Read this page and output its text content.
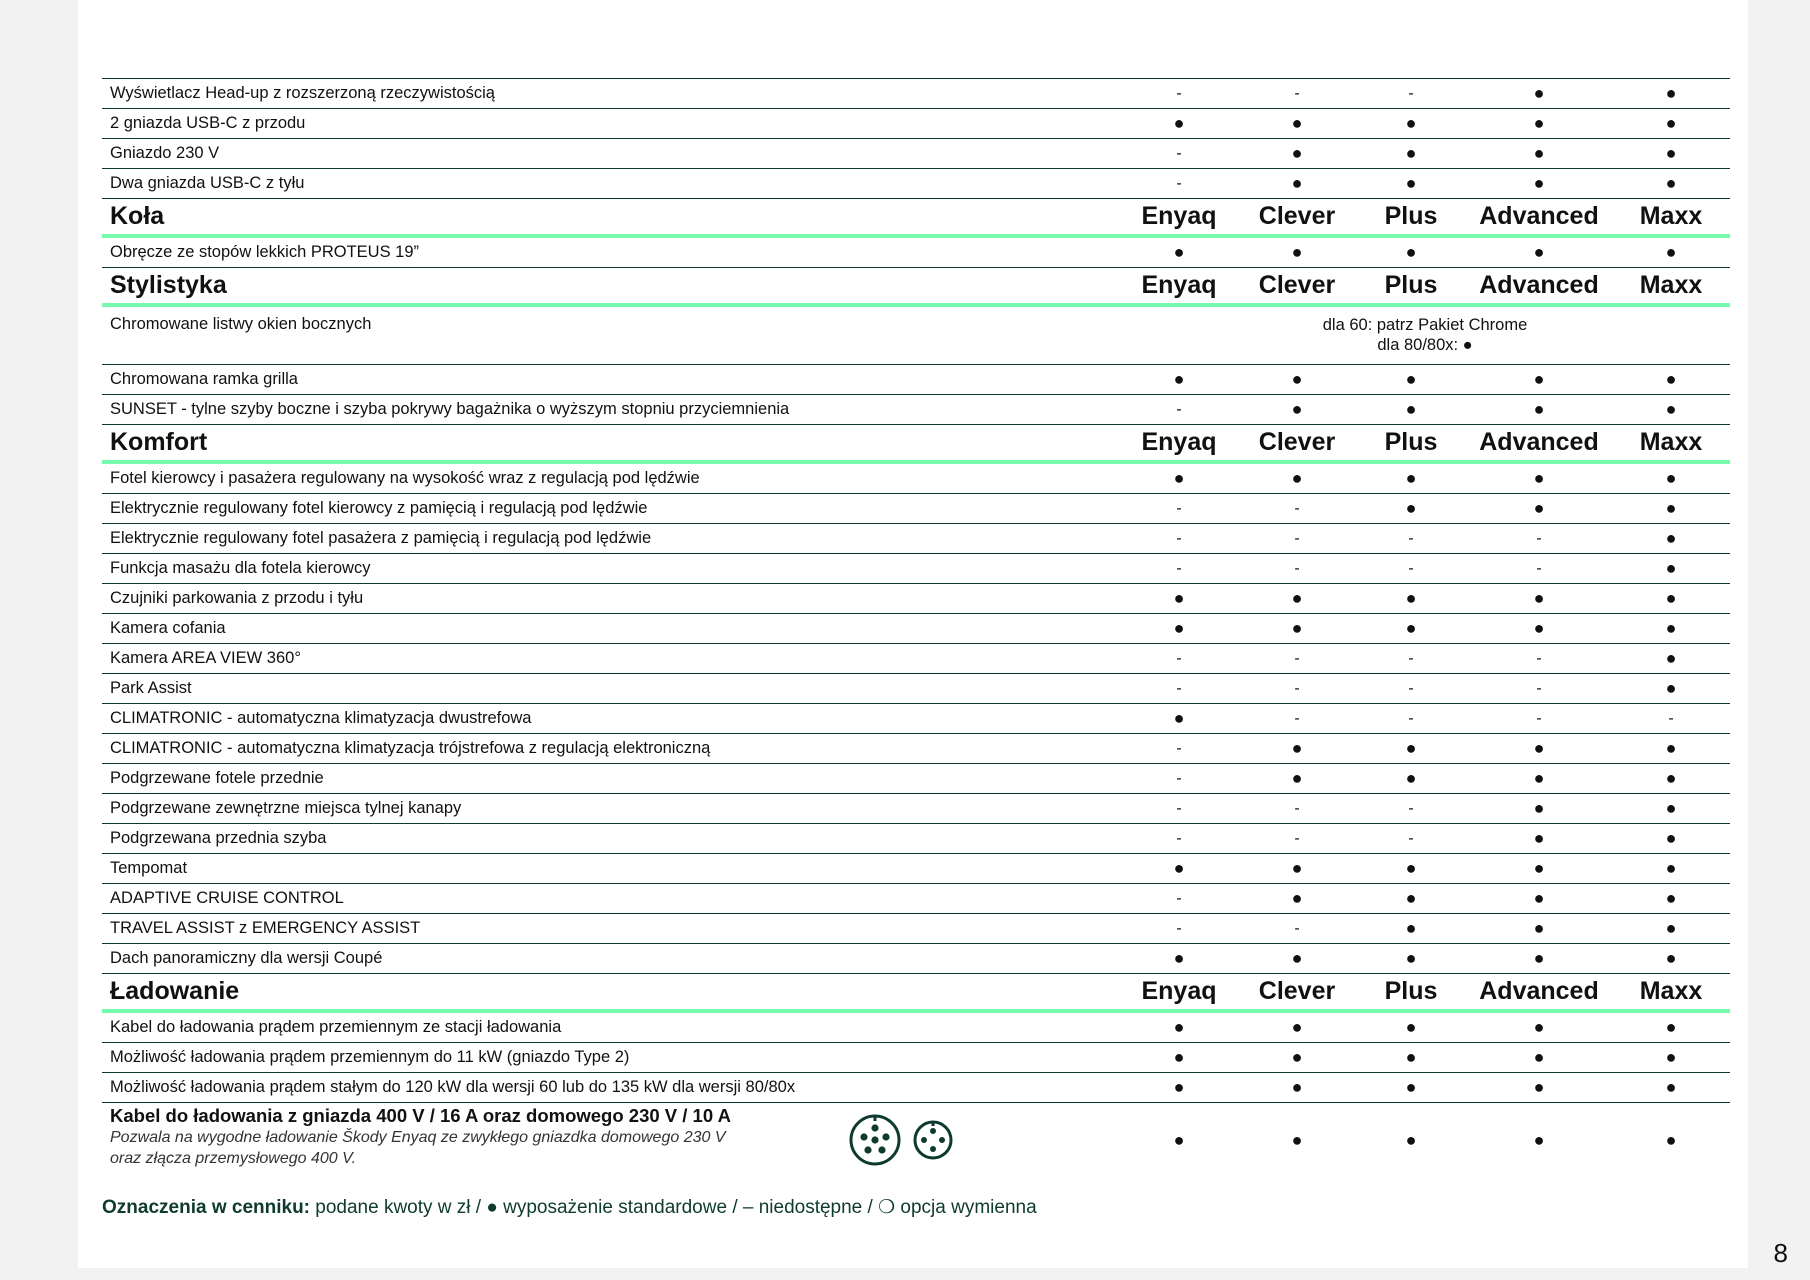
Wyświetlacz Head-up z rozszerzoną rzeczywistością	-	-	-	●	●
2 gniazda USB-C z przodu	●	●	●	●	●
Gniazdo 230 V	-	●	●	●	●
Dwa gniazda USB-C z tyłu	-	●	●	●	●
Koła	Enyaq	Clever	Plus	Advanced	Maxx
Obręcze ze stopów lekkich PROTEUS 19”	●	●	●	●	●
Stylistyka	Enyaq	Clever	Plus	Advanced	Maxx
Chromowane listwy okien bocznych	dla 60: patrz Pakiet Chrome
dla 80/80x: ●				

Chromowana ramka grilla	●	●	●	●	●
SUNSET - tylne szyby boczne i szyba pokrywy bagażnika o wyższym stopniu przyciemnienia	-	●	●	●	●
Komfort	Enyaq	Clever	Plus	Advanced	Maxx
Fotel kierowcy i pasażera regulowany na wysokość wraz z regulacją pod lędźwie	●	●	●	●	●
Elektrycznie regulowany fotel kierowcy z pamięcią i regulacją pod lędźwie	-	-	●	●	●
Elektrycznie regulowany fotel pasażera z pamięcią i regulacją pod lędźwie	-	-	-	-	●
Funkcja masażu dla fotela kierowcy	-	-	-	-	●
Czujniki parkowania z przodu i tyłu	●	●	●	●	●
Kamera cofania	●	●	●	●	●
Kamera AREA VIEW 360°	-	-	-	-	●
Park Assist	-	-	-	-	●
CLIMATRONIC - automatyczna klimatyzacja dwustrefowa	●	-	-	-	-
CLIMATRONIC - automatyczna klimatyzacja trójstrefowa z regulacją elektroniczną	-	●	●	●	●
Podgrzewane fotele przednie	-	●	●	●	●
Podgrzewane zewnętrzne miejsca tylnej kanapy	-	-	-	●	●
Podgrzewana przednia szyba	-	-	-	●	●
Tempomat	●	●	●	●	●
ADAPTIVE CRUISE CONTROL	-	●	●	●	●
TRAVEL ASSIST z EMERGENCY ASSIST	-	-	●	●	●
Dach panoramiczny dla wersji Coupé	●	●	●	●	●
Ładowanie	Enyaq	Clever	Plus	Advanced	Maxx
Kabel do ładowania prądem przemiennym ze stacji ładowania	●	●	●	●	●
Możliwość ładowania prądem przemiennym do 11 kW (gniazdo Type 2)	●	●	●	●	●
Możliwość ładowania prądem stałym do 120 kW dla wersji 60 lub do 135 kW dla wersji 80/80x	●	●	●	●	●

Kabel do ładowania z gniazda 400 V / 16 A oraz domowego 230 V / 10 A
Pozwala na wygodne ładowanie Škody Enyaq ze zwykłego gniazdka domowego 230 V oraz złącza przemysłowego 400 V.	●	●	●	●	●
Oznaczenia w cenniku: podane kwoty w zł / ● wyposażenie standardowe / – niedostępne / ❍ opcja wymienna
8
